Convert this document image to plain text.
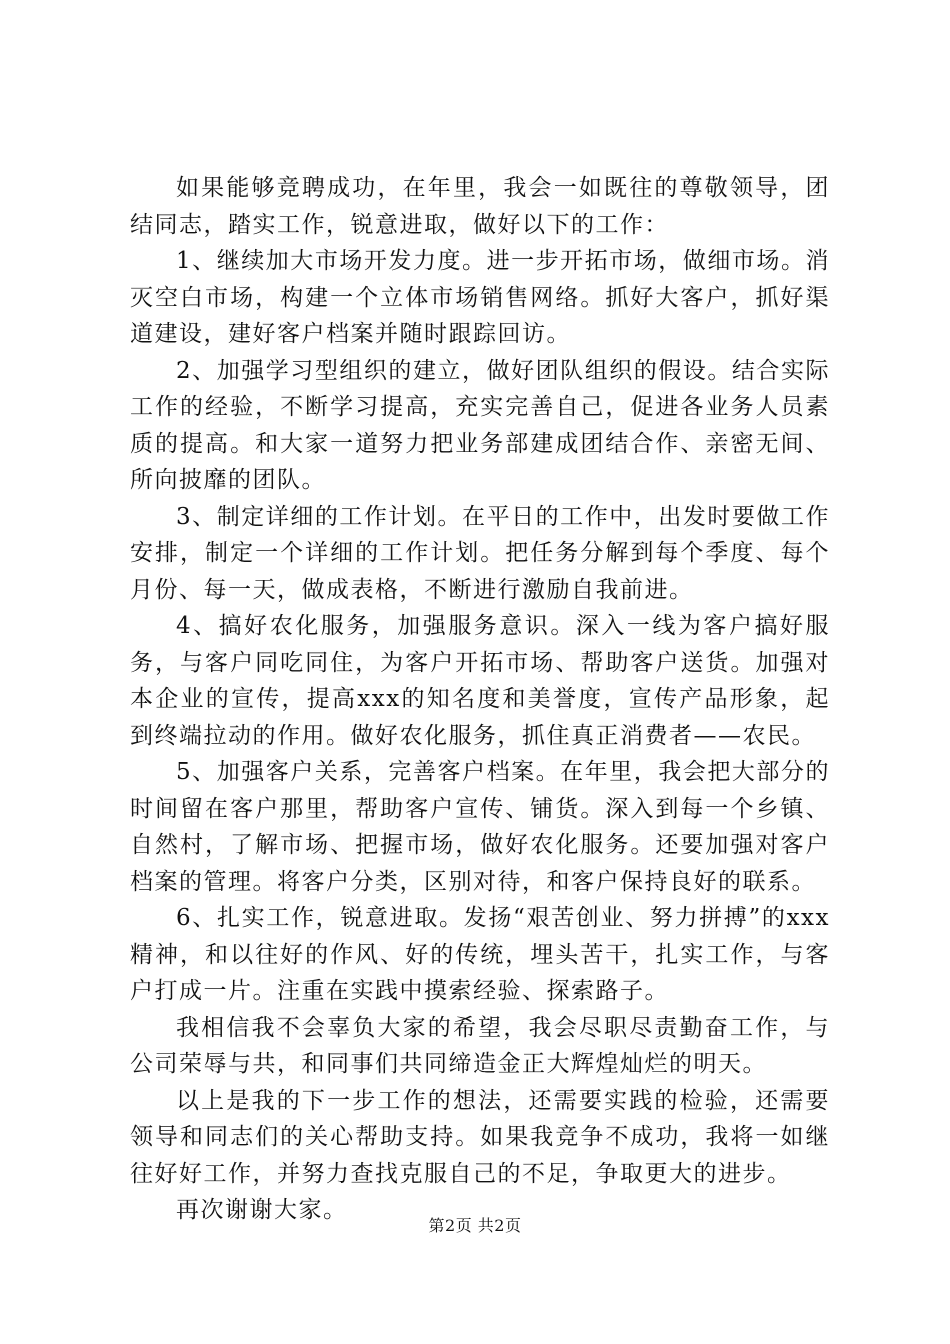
如果能够竞聘成功，在年里，我会一如既往的尊敬领导，团结同志，踏实工作，锐意进取，做好以下的工作：

1、继续加大市场开发力度。进一步开拓市场，做细市场。消灭空白市场，构建一个立体市场销售网络。抓好大客户，抓好渠道建设，建好客户档案并随时跟踪回访。

2、加强学习型组织的建立，做好团队组织的假设。结合实际工作的经验，不断学习提高，充实完善自己，促进各业务人员素质的提高。和大家一道努力把业务部建成团结合作、亲密无间、所向披靡的团队。

3、制定详细的工作计划。在平日的工作中，出发时要做工作安排，制定一个详细的工作计划。把任务分解到每个季度、每个月份、每一天，做成表格，不断进行激励自我前进。

4、搞好农化服务，加强服务意识。深入一线为客户搞好服务，与客户同吃同住，为客户开拓市场、帮助客户送货。加强对本企业的宣传，提高xxx的知名度和美誉度，宣传产品形象，起到终端拉动的作用。做好农化服务，抓住真正消费者——农民。

5、加强客户关系，完善客户档案。在年里，我会把大部分的时间留在客户那里，帮助客户宣传、铺货。深入到每一个乡镇、自然村，了解市场、把握市场，做好农化服务。还要加强对客户档案的管理。将客户分类，区别对待，和客户保持良好的联系。

6、扎实工作，锐意进取。发扬“艰苦创业、努力拼搏”的xxx精神，和以往好的作风、好的传统，埋头苦干，扎实工作，与客户打成一片。注重在实践中摸索经验、探索路子。

我相信我不会辜负大家的希望，我会尽职尽责勤奋工作，与公司荣辱与共，和同事们共同缔造金正大辉煌灿烂的明天。

以上是我的下一步工作的想法，还需要实践的检验，还需要领导和同志们的关心帮助支持。如果我竞争不成功，我将一如继往好好工作，并努力查找克服自己的不足，争取更大的进步。

再次谢谢大家。

第2页 共2页
